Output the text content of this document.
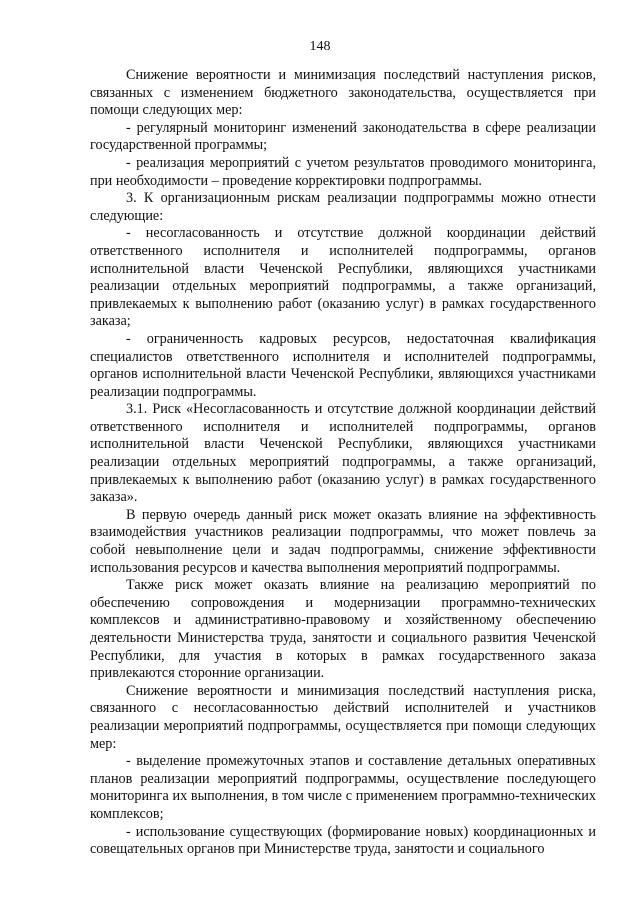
148

Снижение вероятности и минимизация последствий наступления рисков, связанных с изменением бюджетного законодательства, осуществляется при помощи следующих мер:

- регулярный мониторинг изменений законодательства в сфере реализации государственной программы;

- реализация мероприятий с учетом результатов проводимого мониторинга, при необходимости – проведение корректировки подпрограммы.

3. К организационным рискам реализации подпрограммы можно отнести следующие:

- несогласованность и отсутствие должной координации действий ответственного исполнителя и исполнителей подпрограммы, органов исполнительной власти Чеченской Республики, являющихся участниками реализации отдельных мероприятий подпрограммы, а также организаций, привлекаемых к выполнению работ (оказанию услуг) в рамках государственного заказа;

- ограниченность кадровых ресурсов, недостаточная квалификация специалистов ответственного исполнителя и исполнителей подпрограммы, органов исполнительной власти Чеченской Республики, являющихся участниками реализации подпрограммы.

3.1. Риск «Несогласованность и отсутствие должной координации действий ответственного исполнителя и исполнителей подпрограммы, органов исполнительной власти Чеченской Республики, являющихся участниками реализации отдельных мероприятий подпрограммы, а также организаций, привлекаемых к выполнению работ (оказанию услуг) в рамках государственного заказа».

В первую очередь данный риск может оказать влияние на эффективность взаимодействия участников реализации подпрограммы, что может повлечь за собой невыполнение цели и задач подпрограммы, снижение эффективности использования ресурсов и качества выполнения мероприятий подпрограммы.

Также риск может оказать влияние на реализацию мероприятий по обеспечению сопровождения и модернизации программно-технических комплексов и административно-правовому и хозяйственному обеспечению деятельности Министерства труда, занятости и социального развития Чеченской Республики, для участия в которых в рамках государственного заказа привлекаются сторонние организации.

Снижение вероятности и минимизация последствий наступления риска, связанного с несогласованностью действий исполнителей и участников реализации мероприятий подпрограммы, осуществляется при помощи следующих мер:

- выделение промежуточных этапов и составление детальных оперативных планов реализации мероприятий подпрограммы, осуществление последующего мониторинга их выполнения, в том числе с применением программно-технических комплексов;

- использование существующих (формирование новых) координационных и совещательных органов при Министерстве труда, занятости и социального
